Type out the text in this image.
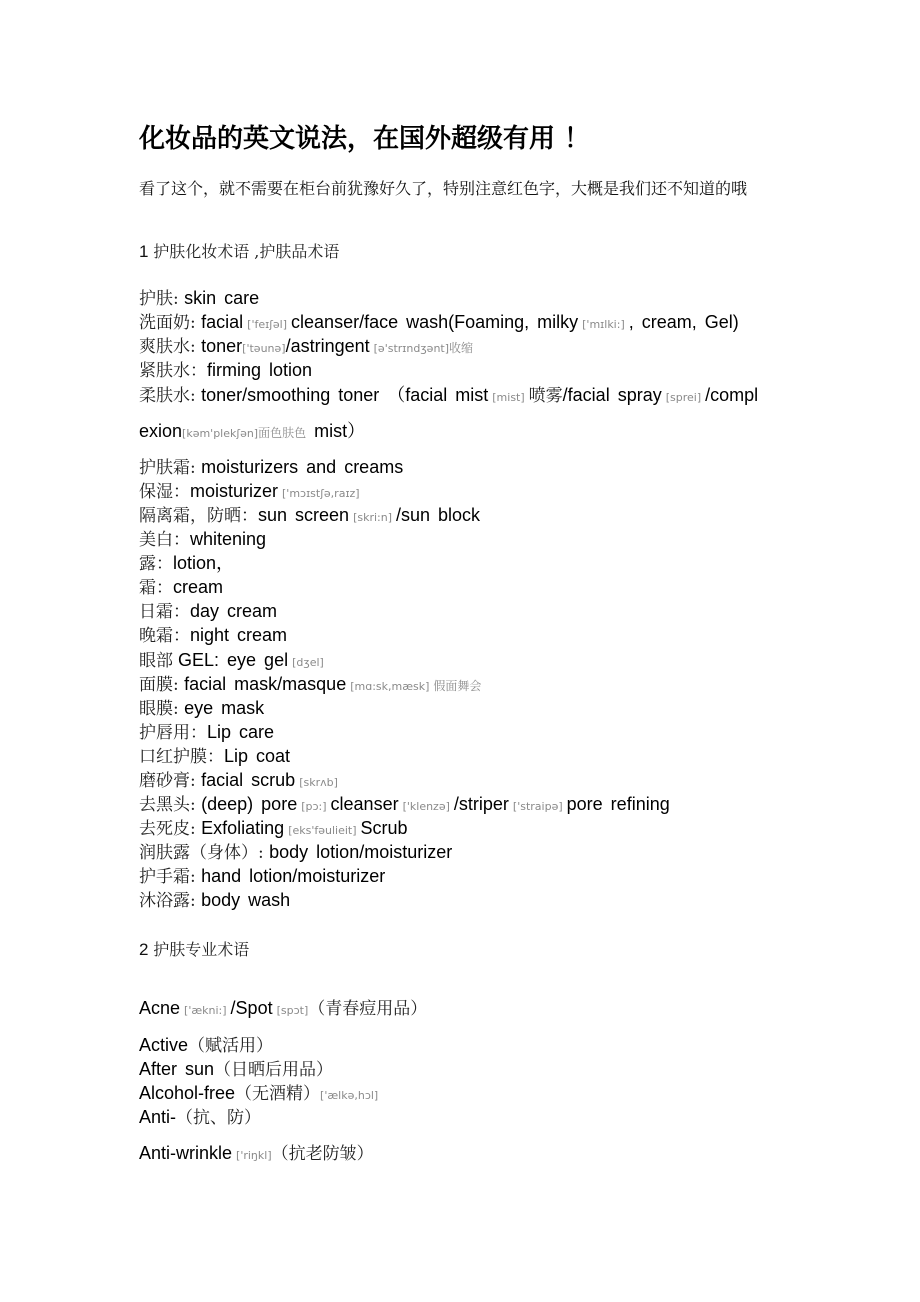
化妆品的英文说法，在国外超级有用 ！
看了这个，就不需要在柜台前犹豫好久了，特别注意红色字，大概是我们还不知道的哦
1 护肤化妆术语 ,护肤品术语
护肤: skin care
洗面奶: facial ['feɪʃəl] cleanser/face wash(Foaming, milky ['mɪlki:] , cream, Gel)
爽肤水: toner['təunə]/astringent [ə'strɪndʒənt]收缩
紧肤水：firming lotion
柔肤水: toner/smoothing toner （facial mist [mist] 喷雾/facial spray [sprei] /compl
exion[kəm'plekʃən]面色肤色 mist）
护肤霜: moisturizers and creams
保湿：moisturizer ['mɔɪstʃə,raɪz]
隔离霜，防晒：sun screen [skri:n] /sun block
美白：whitening
露：lotion，
霜：cream
日霜：day cream
晚霜：night cream
眼部 GEL: eye gel [dʒel]
面膜: facial mask/masque [mɑ:sk,mæsk] 假面舞会
眼膜: eye mask
护唇用：Lip care
口红护膜：Lip coat
磨砂膏: facial scrub [skrʌb]
去黑头: (deep) pore [pɔ:] cleanser ['klenzə] /striper ['straipə] pore refining
去死皮: Exfoliating [eks'fəulieit] Scrub
润肤露（身体）: body lotion/moisturizer
护手霜: hand lotion/moisturizer
沐浴露: body wash
2 护肤专业术语
Acne ['ækni:] /Spot [spɔt]（青春痘用品）
Active（赋活用）
After sun（日晒后用品）
Alcohol-free（无酒精）['ælkə,hɔl]
Anti-（抗、防）
Anti-wrinkle ['riŋkl]（抗老防皱）
